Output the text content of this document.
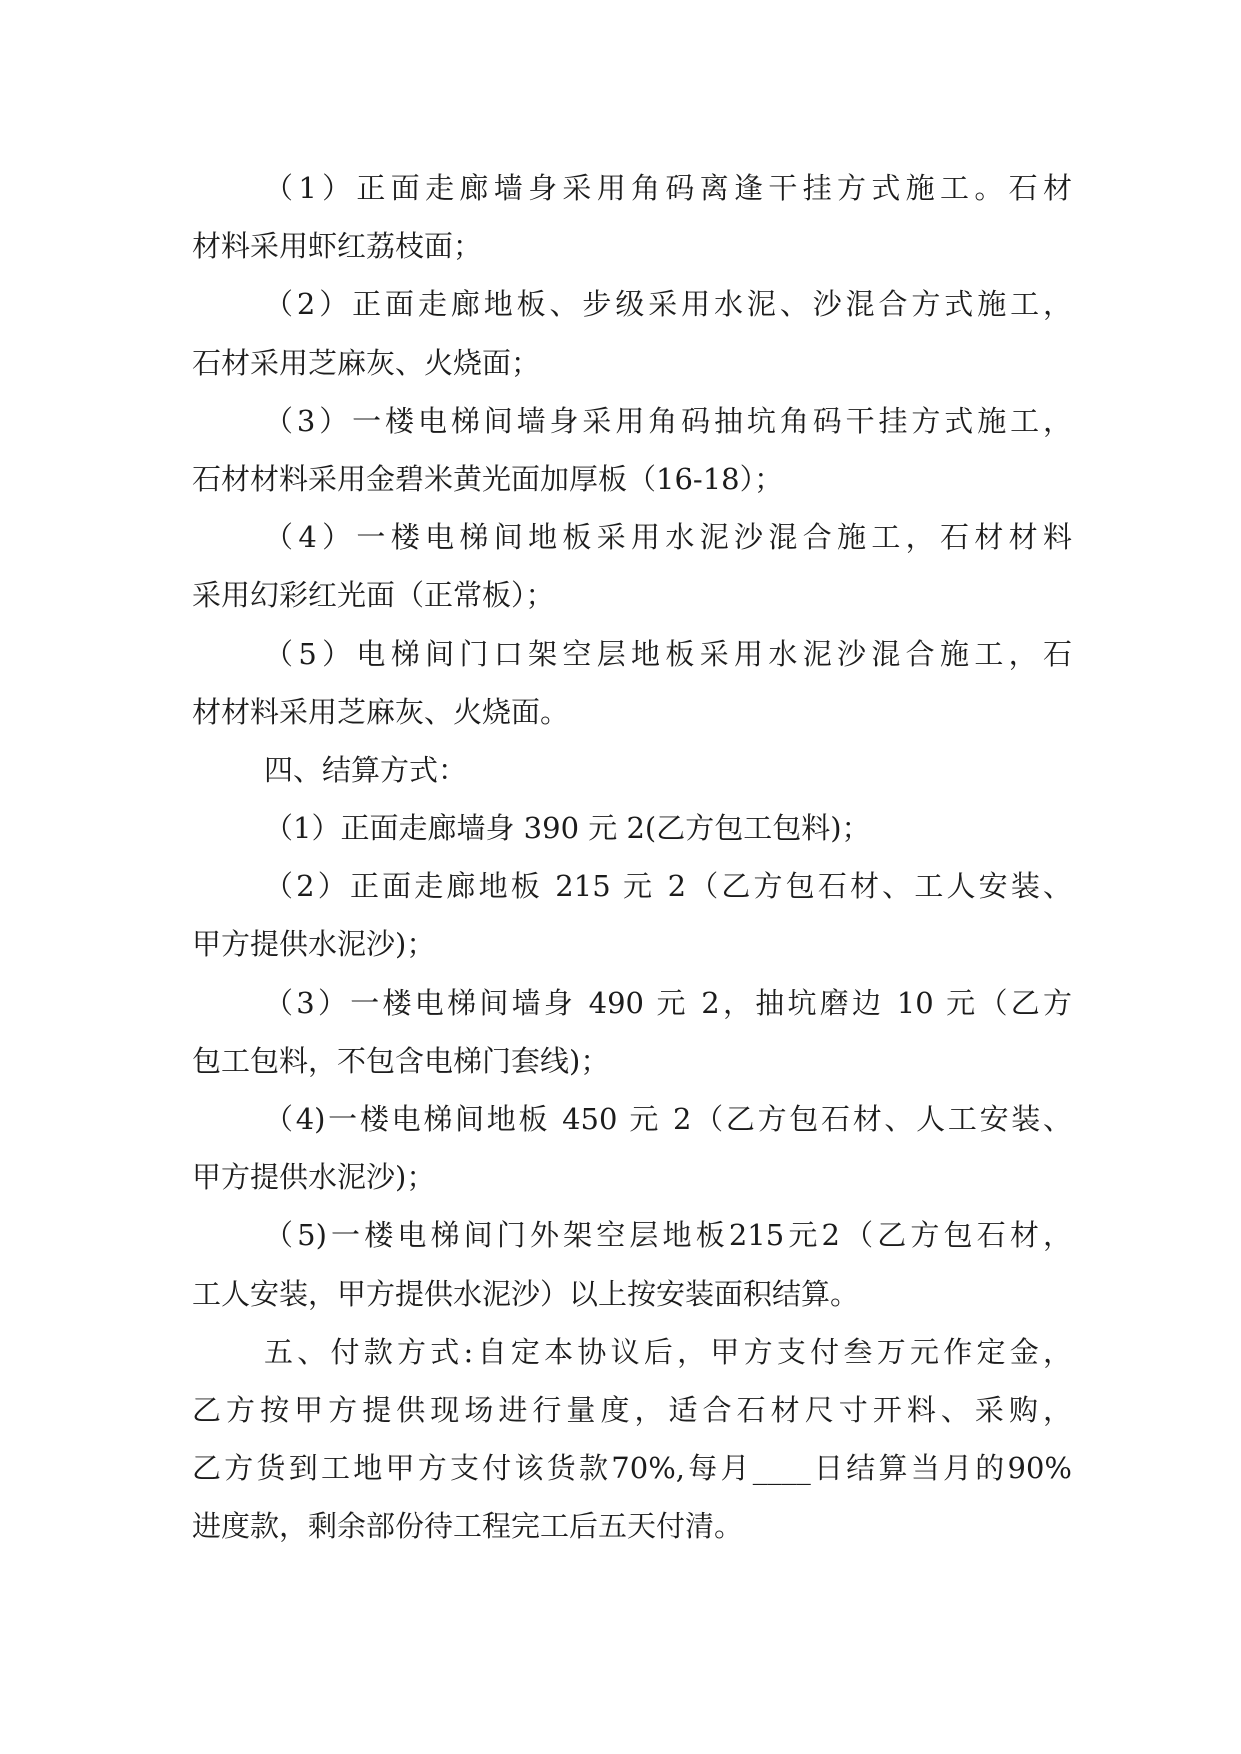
（1）正面走廊墙身采用角码离逢干挂方式施工。石材
材料采用虾红荔枝面；
（2）正面走廊地板、步级采用水泥、沙混合方式施工，
石材采用芝麻灰、火烧面；
（3）一楼电梯间墙身采用角码抽坑角码干挂方式施工，
石材材料采用金碧米黄光面加厚板（16-18）；
（4）一楼电梯间地板采用水泥沙混合施工，石材材料
采用幻彩红光面（正常板）；
（5）电梯间门口架空层地板采用水泥沙混合施工，石
材材料采用芝麻灰、火烧面。
四、结算方式：
（1）正面走廊墙身 390 元 2(乙方包工包料)；
（2）正面走廊地板 215 元 2（乙方包石材、工人安装、
甲方提供水泥沙)；
（3）一楼电梯间墙身 490 元 2，抽坑磨边 10 元（乙方
包工包料，不包含电梯门套线)；
（4)一楼电梯间地板 450 元 2（乙方包石材、人工安装、
甲方提供水泥沙)；
（5)一楼电梯间门外架空层地板215元2（乙方包石材，
工人安装，甲方提供水泥沙）以上按安装面积结算。
五、付款方式:自定本协议后，甲方支付叁万元作定金，
乙方按甲方提供现场进行量度，适合石材尺寸开料、采购，
乙方货到工地甲方支付该货款70%,每月____日结算当月的90%
进度款，剩余部份待工程完工后五天付清。
